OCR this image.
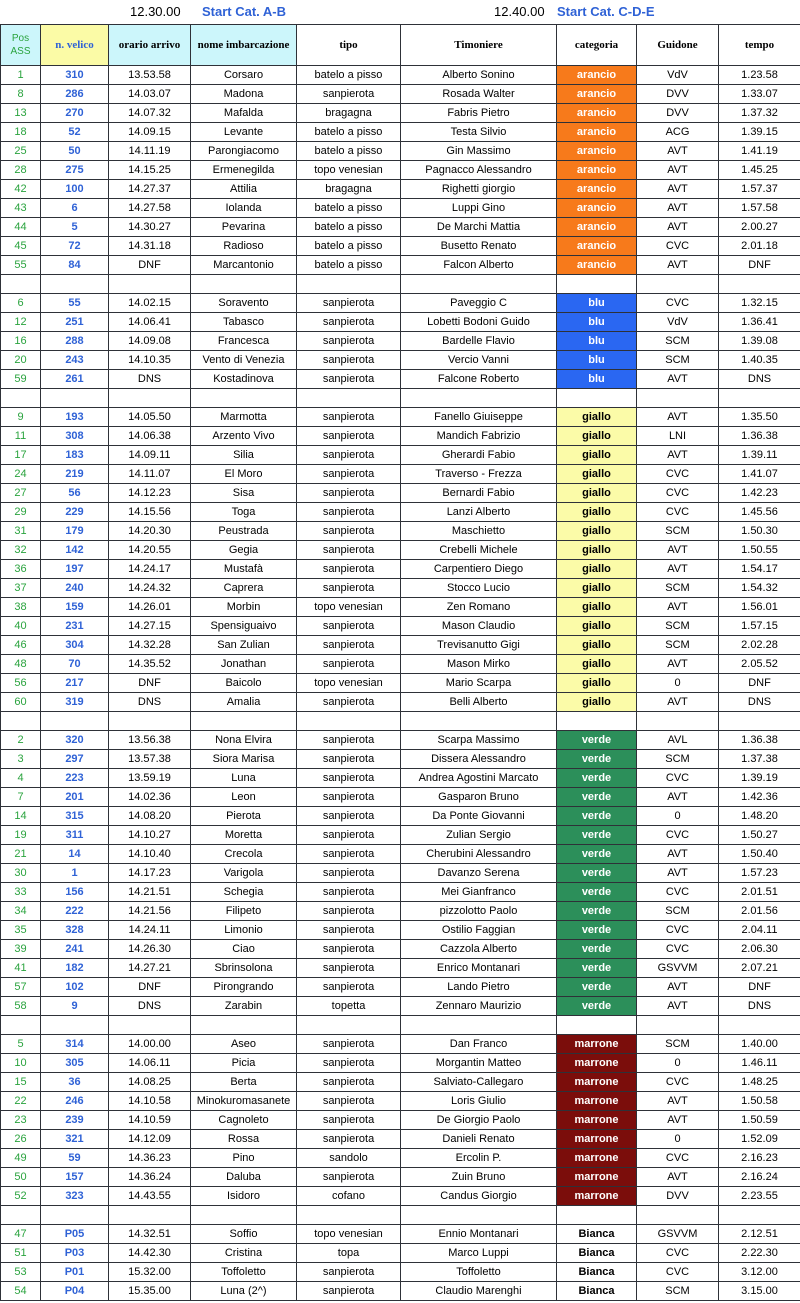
12.30.00 Start Cat. A-B	12.40.00 Start Cat. C-D-E
Pos
ASS	n. velico	orario arrivo	nome imbarcazione	tipo	Timoniere	categoria	Guidone	tempo
1	310	13.53.58	Corsaro	batelo a pisso	Alberto Sonino	arancio	VdV	1.23.58
8	286	14.03.07	Madona	sanpierota	Rosada Walter	arancio	DVV	1.33.07
13	270	14.07.32	Mafalda	bragagna	Fabris Pietro	arancio	DVV	1.37.32
18	52	14.09.15	Levante	batelo a pisso	Testa Silvio	arancio	ACG	1.39.15
25	50	14.11.19	Parongiacomo	batelo a pisso	Gin Massimo	arancio	AVT	1.41.19
28	275	14.15.25	Ermenegilda	topo venesian	Pagnacco Alessandro	arancio	AVT	1.45.25
42	100	14.27.37	Attilia	bragagna	Righetti giorgio	arancio	AVT	1.57.37
43	6	14.27.58	Iolanda	batelo a pisso	Luppi Gino	arancio	AVT	1.57.58
44	5	14.30.27	Pevarina	batelo a pisso	De Marchi Mattia	arancio	AVT	2.00.27
45	72	14.31.18	Radioso	batelo a pisso	Busetto Renato	arancio	CVC	2.01.18
55	84	DNF	Marcantonio	batelo a pisso	Falcon Alberto	arancio	AVT	DNF

6	55	14.02.15	Soravento	sanpierota	Paveggio C	blu	CVC	1.32.15
12	251	14.06.41	Tabasco	sanpierota	Lobetti Bodoni Guido	blu	VdV	1.36.41
16	288	14.09.08	Francesca	sanpierota	Bardelle Flavio	blu	SCM	1.39.08
20	243	14.10.35	Vento di Venezia	sanpierota	Vercio Vanni	blu	SCM	1.40.35
59	261	DNS	Kostadinova	sanpierota	Falcone Roberto	blu	AVT	DNS

9	193	14.05.50	Marmotta	sanpierota	Fanello Giuiseppe	giallo	AVT	1.35.50
11	308	14.06.38	Arzento Vivo	sanpierota	Mandich Fabrizio	giallo	LNI	1.36.38
17	183	14.09.11	Silia	sanpierota	Gherardi Fabio	giallo	AVT	1.39.11
24	219	14.11.07	El Moro	sanpierota	Traverso - Frezza	giallo	CVC	1.41.07
27	56	14.12.23	Sisa	sanpierota	Bernardi Fabio	giallo	CVC	1.42.23
29	229	14.15.56	Toga	sanpierota	Lanzi Alberto	giallo	CVC	1.45.56
31	179	14.20.30	Peustrada	sanpierota	Maschietto	giallo	SCM	1.50.30
32	142	14.20.55	Gegia	sanpierota	Crebelli Michele	giallo	AVT	1.50.55
36	197	14.24.17	Mustafà	sanpierota	Carpentiero Diego	giallo	AVT	1.54.17
37	240	14.24.32	Caprera	sanpierota	Stocco Lucio	giallo	SCM	1.54.32
38	159	14.26.01	Morbin	topo venesian	Zen Romano	giallo	AVT	1.56.01
40	231	14.27.15	Spensiguaivo	sanpierota	Mason Claudio	giallo	SCM	1.57.15
46	304	14.32.28	San Zulian	sanpierota	Trevisanutto Gigi	giallo	SCM	2.02.28
48	70	14.35.52	Jonathan	sanpierota	Mason Mirko	giallo	AVT	2.05.52
56	217	DNF	Baicolo	topo venesian	Mario Scarpa	giallo	0	DNF
60	319	DNS	Amalia	sanpierota	Belli Alberto	giallo	AVT	DNS

2	320	13.56.38	Nona Elvira	sanpierota	Scarpa Massimo	verde	AVL	1.36.38
3	297	13.57.38	Siora Marisa	sanpierota	Dissera Alessandro	verde	SCM	1.37.38
4	223	13.59.19	Luna	sanpierota	Andrea Agostini Marcato	verde	CVC	1.39.19
7	201	14.02.36	Leon	sanpierota	Gasparon Bruno	verde	AVT	1.42.36
14	315	14.08.20	Pierota	sanpierota	Da Ponte Giovanni	verde	0	1.48.20
19	311	14.10.27	Moretta	sanpierota	Zulian Sergio	verde	CVC	1.50.27
21	14	14.10.40	Crecola	sanpierota	Cherubini Alessandro	verde	AVT	1.50.40
30	1	14.17.23	Varigola	sanpierota	Davanzo Serena	verde	AVT	1.57.23
33	156	14.21.51	Schegia	sanpierota	Mei Gianfranco	verde	CVC	2.01.51
34	222	14.21.56	Filipeto	sanpierota	pizzolotto Paolo	verde	SCM	2.01.56
35	328	14.24.11	Limonio	sanpierota	Ostilio Faggian	verde	CVC	2.04.11
39	241	14.26.30	Ciao	sanpierota	Cazzola Alberto	verde	CVC	2.06.30
41	182	14.27.21	Sbrinsolona	sanpierota	Enrico Montanari	verde	GSVVM	2.07.21
57	102	DNF	Pirongrando	sanpierota	Lando Pietro	verde	AVT	DNF
58	9	DNS	Zarabin	topetta	Zennaro Maurizio	verde	AVT	DNS

5	314	14.00.00	Aseo	sanpierota	Dan Franco	marrone	SCM	1.40.00
10	305	14.06.11	Picia	sanpierota	Morgantin Matteo	marrone	0	1.46.11
15	36	14.08.25	Berta	sanpierota	Salviato-Callegaro	marrone	CVC	1.48.25
22	246	14.10.58	Minokuromasanete	sanpierota	Loris Giulio	marrone	AVT	1.50.58
23	239	14.10.59	Cagnoleto	sanpierota	De Giorgio Paolo	marrone	AVT	1.50.59
26	321	14.12.09	Rossa	sanpierota	Danieli Renato	marrone	0	1.52.09
49	59	14.36.23	Pino	sandolo	Ercolin P.	marrone	CVC	2.16.23
50	157	14.36.24	Daluba	sanpierota	Zuin Bruno	marrone	AVT	2.16.24
52	323	14.43.55	Isidoro	cofano	Candus Giorgio	marrone	DVV	2.23.55

47	P05	14.32.51	Soffio	topo venesian	Ennio Montanari	Bianca	GSVVM	2.12.51
51	P03	14.42.30	Cristina	topa	Marco Luppi	Bianca	CVC	2.22.30
53	P01	15.32.00	Toffoletto	sanpierota	Toffoletto	Bianca	CVC	3.12.00
54	P04	15.35.00	Luna (2^)	sanpierota	Claudio Marenghi	Bianca	SCM	3.15.00
